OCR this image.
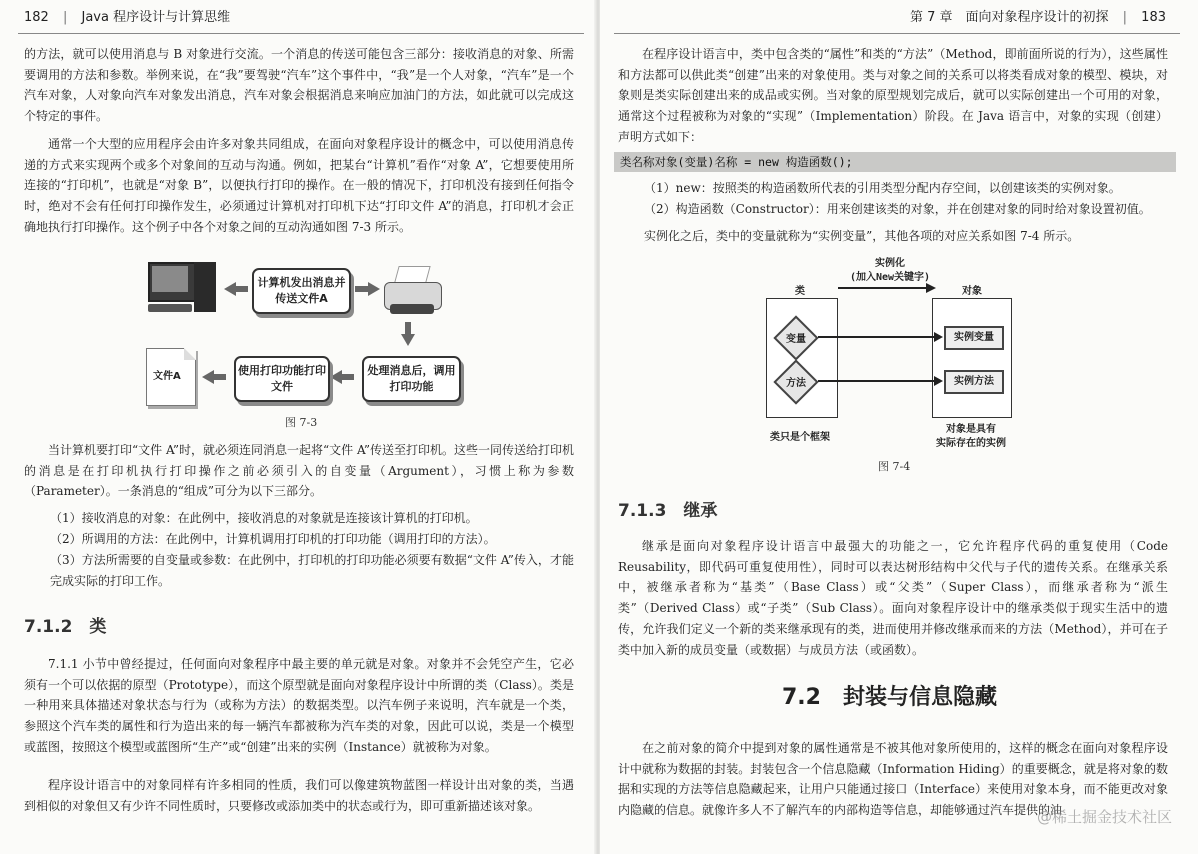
182 | Java 程序设计与计算思维

的方法，就可以使用消息与 B 对象进行交流。一个消息的传送可能包含三部分：接收消息的对象、所需要调用的方法和参数。举例来说，在“我”要驾驶“汽车”这个事件中，“我”是一个人对象，“汽车”是一个汽车对象，人对象向汽车对象发出消息，汽车对象会根据消息来响应加油门的方法，如此就可以完成这个特定的事件。

通常一个大型的应用程序会由许多对象共同组成，在面向对象程序设计的概念中，可以使用消息传递的方式来实现两个或多个对象间的互动与沟通。例如，把某台“计算机”看作“对象 A”，它想要使用所连接的“打印机”，也就是“对象 B”，以便执行打印的操作。在一般的情况下，打印机没有接到任何指令时，绝对不会有任何打印操作发生，必须通过计算机对打印机下达“打印文件 A”的消息，打印机才会正确地执行打印操作。这个例子中各个对象之间的互动沟通如图 7-3 所示。

计算机发出消息并传送文件A
处理消息后，调用打印功能
使用打印功能打印文件
文件A
图 7-3

当计算机要打印“文件 A”时，就必须连同消息一起将“文件 A”传送至打印机。这些一同传送给打印机的消息是在打印机执行打印操作之前必须引入的自变量（Argument），习惯上称为参数（Parameter）。一条消息的“组成”可分为以下三部分。

（1）接收消息的对象：在此例中，接收消息的对象就是连接该计算机的打印机。

（2）所调用的方法：在此例中，计算机调用打印机的打印功能（调用打印的方法）。

（3）方法所需要的自变量或参数：在此例中，打印机的打印功能必须要有数据“文件 A”传入，才能完成实际的打印工作。

7.1.2　类

7.1.1 小节中曾经提过，任何面向对象程序中最主要的单元就是对象。对象并不会凭空产生，它必须有一个可以依据的原型（Prototype），而这个原型就是面向对象程序设计中所谓的类（Class）。类是一种用来具体描述对象状态与行为（或称为方法）的数据类型。以汽车例子来说明，汽车就是一个类，参照这个汽车类的属性和行为造出来的每一辆汽车都被称为汽车类的对象，因此可以说，类是一个模型或蓝图，按照这个模型或蓝图所“生产”或“创建”出来的实例（Instance）就被称为对象。

程序设计语言中的对象同样有许多相同的性质，我们可以像建筑物蓝图一样设计出对象的类，当遇到相似的对象但又有少许不同性质时，只要修改或添加类中的状态或行为，即可重新描述该对象。

第 7 章　面向对象程序设计的初探 | 183

在程序设计语言中，类中包含类的“属性”和类的“方法”（Method，即前面所说的行为），这些属性和方法都可以供此类“创建”出来的对象使用。类与对象之间的关系可以将类看成对象的模型、模块，对象则是类实际创建出来的成品或实例。当对象的原型规划完成后，就可以实际创建出一个可用的对象，通常这个过程被称为对象的“实现”（Implementation）阶段。在 Java 语言中，对象的实现（创建）声明方式如下：

类名称对象(变量)名称 = new 构造函数();

（1）new：按照类的构造函数所代表的引用类型分配内存空间，以创建该类的实例对象。

（2）构造函数（Constructor）：用来创建该类的对象，并在创建对象的同时给对象设置初值。

实例化之后，类中的变量就称为“实例变量”，其他各项的对应关系如图 7-4 所示。

实例化
(加入New关键字)
类	对象
变量
方法
实例变量
实例方法
类只是个框架
对象是具有
实际存在的实例
图 7-4
7.1.3　继承

继承是面向对象程序设计语言中最强大的功能之一，它允许程序代码的重复使用（Code Reusability，即代码可重复使用性），同时可以表达树形结构中父代与子代的遗传关系。在继承关系中，被继承者称为“基类”（Base Class）或“父类”（Super Class），而继承者称为“派生类”（Derived Class）或“子类”（Sub Class）。面向对象程序设计中的继承类似于现实生活中的遗传，允许我们定义一个新的类来继承现有的类，进而使用并修改继承而来的方法（Method），并可在子类中加入新的成员变量（或数据）与成员方法（或函数）。

7.2　封装与信息隐藏

在之前对象的简介中提到对象的属性通常是不被其他对象所使用的，这样的概念在面向对象程序设计中就称为数据的封装。封装包含一个信息隐藏（Information Hiding）的重要概念，就是将对象的数据和实现的方法等信息隐藏起来，让用户只能通过接口（Interface）来使用对象本身，而不能更改对象内隐藏的信息。就像许多人不了解汽车的内部构造等信息，却能够通过汽车提供的油

@稀土掘金技术社区
